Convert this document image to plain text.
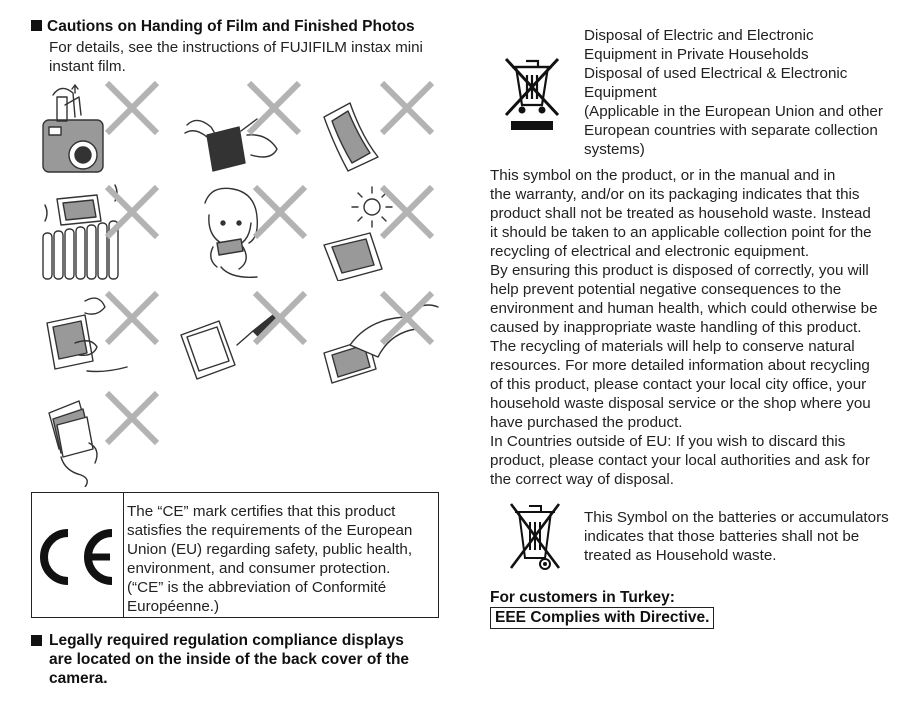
Cautions on Handing of Film and Finished Photos
For details, see the instructions of FUJIFILM instax mini
instant film.
The “CE” mark certifies that this product
satisfies the requirements of the European
Union (EU) regarding safety, public health,
environment, and consumer protection.
(“CE” is the abbreviation of Conformité
Européenne.)
Legally required regulation compliance displays
are located on the inside of the back cover of the
camera.
Disposal of Electric and Electronic
Equipment in Private Households
Disposal of used Electrical & Electronic
Equipment
(Applicable in the European Union and other
European countries with separate collection
systems)
This symbol on the product, or in the manual and in
the warranty, and/or on its packaging indicates that this
product shall not be treated as household waste. Instead
it should be taken to an applicable collection point for the
recycling of electrical and electronic equipment.
By ensuring this product is disposed of correctly, you will
help prevent potential negative consequences to the
environment and human health, which could otherwise be
caused by inappropriate waste handling of this product.
The recycling of materials will help to conserve natural
resources. For more detailed information about recycling
of this product, please contact your local city office, your
household waste disposal service or the shop where you
have purchased the product.
In Countries outside of EU: If you wish to discard this
product, please contact your local authorities and ask for
the correct way of disposal.
This Symbol on the batteries or accumulators
indicates that those batteries shall not be
treated as Household waste.
For customers in Turkey:
EEE Complies with Directive.
